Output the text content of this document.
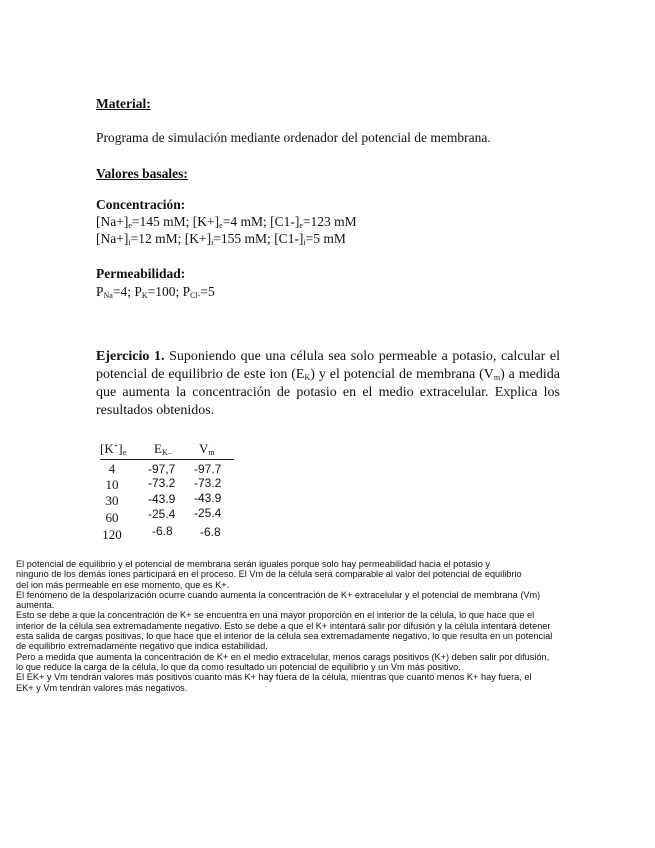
Material:
Programa de simulación mediante ordenador del potencial de membrana.
Valores basales:
Concentración:
$[Na+]_e=145$ mM; $[K+]_e=4$ mM; $[C1-]_e=123$ mM
$[Na+]_i=12$ mM; $[K+]_i=155$ mM; $[C1-]_i=5$ mM
Permeabilidad:
$P_{Na}=4$; $P_K=100$; $P_{Cl-}=5$
Ejercicio 1. Suponiendo que una célula sea solo permeable a potasio, calcular el potencial de equilibrio de este ion $(E_K)$ y el potencial de membrana $(V_m)$ a medida que aumenta la concentración de potasio en el medio extracelular. Explica los resultados obtenidos.
$[K^+]_e$ $E_{K-}$ $V_m$
4	-97,7 -97.7
10	-73.2 -73.2
30	-43.9 -43.9
60	-25.4 -25.4
120	-6.8 -6.8
El potencial de equilibrio y el potencial de membrana serán iguales porque solo hay permeabilidad hacia el potasio y
ninguno de los demás iones participará en el proceso. El Vm de la célula será comparable al valor del potencial de equilibrio
del ion más permeable en ese momento, que es K+.
El fenómeno de la despolarización ocurre cuando aumenta la concentración de K+ extracelular y el potencial de membrana (Vm)
aumenta.
Esto se debe a que la concentración de K+ se encuentra en una mayor proporción en el interior de la célula, lo que hace que el
interior de la célula sea extremadamente negativo. Esto se debe a que el K+ intentará salir por difusión y la célula intentará detener
esta salida de cargas positivas, lo que hace que el interior de la célula sea extremadamente negativo, lo que resulta en un potencial
de equilibrio extremadamente negativo que indica estabilidad.
Pero a medida que aumenta la concentración de K+ en el medio extracelular, menos carags positivos (K+) deben salir por difusión,
lo que reduce la carga de la célula, lo que da como resultado un potencial de equilibrio y un Vm más positivo.
El EK+ y Vm tendrán valores más positivos cuanto más K+ hay fuera de la célula, mientras que cuanto menos K+ hay fuera, el
EK+ y Vm tendrán valores más negativos.
